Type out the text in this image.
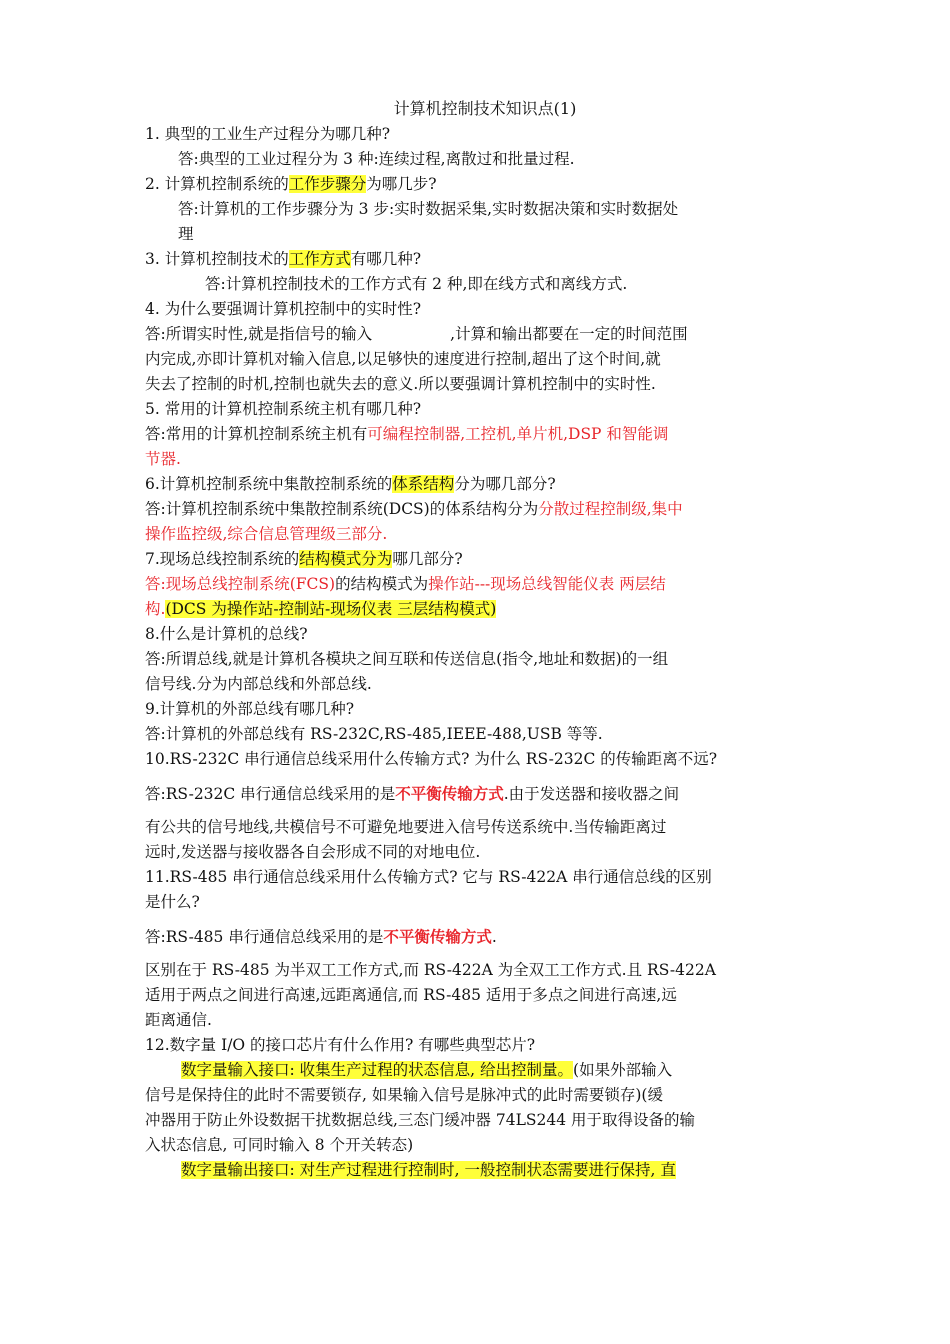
计算机控制技术知识点(1)
1. 典型的工业生产过程分为哪几种?
答:典型的工业过程分为 3 种:连续过程,离散过和批量过程.
2. 计算机控制系统的工作步骤分为哪几步?
答:计算机的工作步骤分为 3 步:实时数据采集,实时数据决策和实时数据处
理
3. 计算机控制技术的工作方式有哪几种?
答:计算机控制技术的工作方式有 2 种,即在线方式和离线方式.
4. 为什么要强调计算机控制中的实时性?
答:所谓实时性,就是指信号的输入	,计算和输出都要在一定的时间范围
内完成,亦即计算机对输入信息,以足够快的速度进行控制,超出了这个时间,就
失去了控制的时机,控制也就失去的意义.所以要强调计算机控制中的实时性.
5. 常用的计算机控制系统主机有哪几种?
答:常用的计算机控制系统主机有可编程控制器,工控机,单片机,DSP 和智能调
节器.
6.计算机控制系统中集散控制系统的体系结构分为哪几部分?
答:计算机控制系统中集散控制系统(DCS)的体系结构分为分散过程控制级,集中
操作监控级,综合信息管理级三部分.
7.现场总线控制系统的结构模式分为哪几部分?
答:现场总线控制系统(FCS)的结构模式为操作站---现场总线智能仪表 两层结
构.(DCS 为操作站-控制站-现场仪表 三层结构模式)
8.什么是计算机的总线?
答:所谓总线,就是计算机各模块之间互联和传送信息(指令,地址和数据)的一组
信号线.分为内部总线和外部总线.
9.计算机的外部总线有哪几种?
答:计算机的外部总线有 RS-232C,RS-485,IEEE-488,USB 等等.
10.RS-232C 串行通信总线采用什么传输方式? 为什么 RS-232C 的传输距离不远?
答:RS-232C 串行通信总线采用的是不平衡传输方式.由于发送器和接收器之间
有公共的信号地线,共模信号不可避免地要进入信号传送系统中.当传输距离过
远时,发送器与接收器各自会形成不同的对地电位.
11.RS-485 串行通信总线采用什么传输方式? 它与 RS-422A 串行通信总线的区别
是什么?
答:RS-485 串行通信总线采用的是不平衡传输方式.
区别在于 RS-485 为半双工工作方式,而 RS-422A 为全双工工作方式.且 RS-422A
适用于两点之间进行高速,远距离通信,而 RS-485 适用于多点之间进行高速,远
距离通信.
12.数字量 I/O 的接口芯片有什么作用? 有哪些典型芯片?
数字量输入接口: 收集生产过程的状态信息, 给出控制量。(如果外部输入
信号是保持住的此时不需要锁存, 如果输入信号是脉冲式的此时需要锁存)(缓
冲器用于防止外设数据干扰数据总线,三态门缓冲器 74LS244 用于取得设备的输
入状态信息, 可同时输入 8 个开关转态)
数字量输出接口: 对生产过程进行控制时, 一般控制状态需要进行保持, 直
